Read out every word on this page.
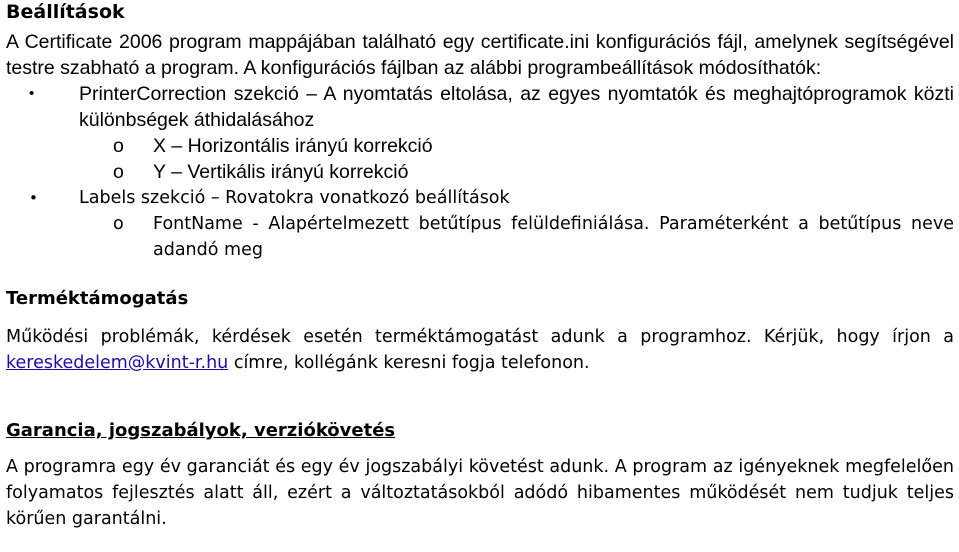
Beállítások

A Certificate 2006 program mappájában található egy certificate.ini konfigurációs fájl, amelynek segítségével testre szabható a program. A konfigurációs fájlban az alábbi programbeállítások módosíthatók:

• PrinterCorrection szekció – A nyomtatás eltolása, az egyes nyomtatók és meghajtóprogramok közti különbségek áthidalásához
o X – Horizontális irányú korrekció
o Y – Vertikális irányú korrekció
• Labels szekció – Rovatokra vonatkozó beállítások
o FontName - Alapértelmezett betűtípus felüldefiniálása. Paraméterként a betűtípus neve adandó meg
Terméktámogatás

Működési problémák, kérdések esetén terméktámogatást adunk a programhoz. Kérjük, hogy írjon a kereskedelem@kvint-r.hu címre, kollégánk keresni fogja telefonon.

Garancia, jogszabályok, verziókövetés

A programra egy év garanciát és egy év jogszabályi követést adunk. A program az igényeknek megfelelően folyamatos fejlesztés alatt áll, ezért a változtatásokból adódó hibamentes működését nem tudjuk teljes körűen garantálni.
